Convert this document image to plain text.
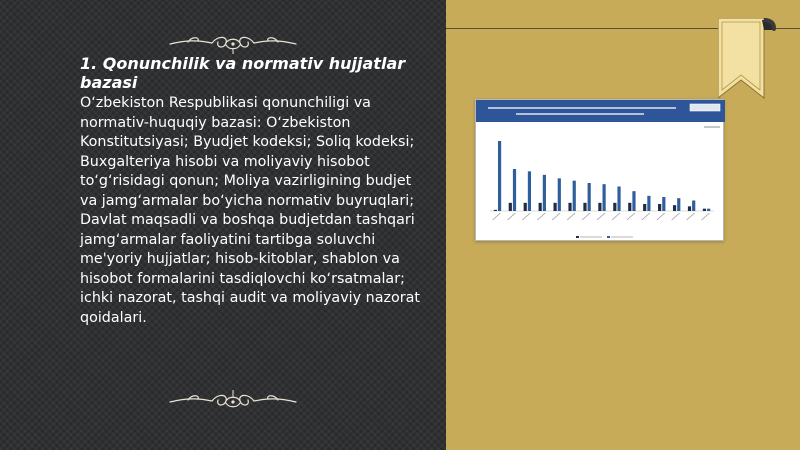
1. Qonunchilik va normativ hujjatlar bazasi
O‘zbekiston Respublikasi qonunchiligi va normativ-huquqiy bazasi: O‘zbekiston Konstitutsiyasi; Byudjet kodeksi; Soliq kodeksi; Buxgalteriya hisobi va moliyaviy hisobot to‘g‘risidagi qonun; Moliya vazirligining budjet va jamg‘armalar bo‘yicha normativ buyruqlari; Davlat maqsadli va boshqa budjetdan tashqari jamg‘armalar faoliyatini tartibga soluvchi me'yoriy hujjatlar; hisob-kitoblar, shablon va hisobot formalarini tasdiqlovchi ko‘rsatmalar; ichki nazorat, tashqi audit va moliyaviy nazorat qoidalari.
